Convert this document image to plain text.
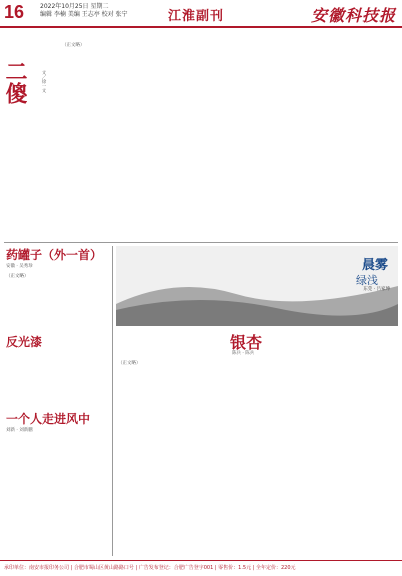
16	2022年10月25日 星期二
编辑 李楠 美编 王志亭 校对 张宁	江淮副刊	安徽科技报
二傻	文／徐一文
（正文略）
药罐子（外一首）
安徽 · 吴秀珍
（正文略）
反光漆
一个人走进风中
刘新 · 刘新鹏
晨雾
绿浅
东莞 · 吕家坤
银杏
陈兵 · 陈兵
（正文略）
承印单位：南安市报印务公司 | 合肥市蜀山区黄山路路口号 | 广告发布登记：合肥广告登字001 | 零售价：1.5元 | 全年定价：220元
